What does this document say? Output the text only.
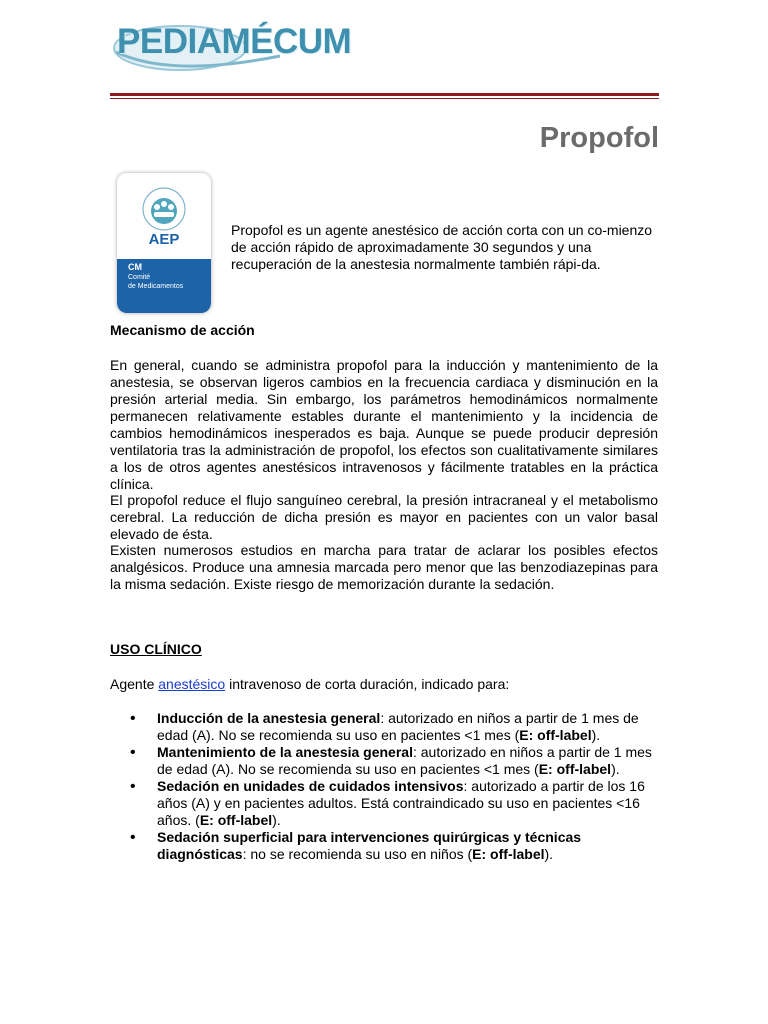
PEDIAMÉCUM
Propofol
AEP
CM
Comité
de Medicamentos
Propofol es un agente anestésico de acción corta con un co-mienzo de acción rápido de aproximadamente 30 segundos y una recuperación de la anestesia normalmente también rápi-da.
Mecanismo de acción
En general, cuando se administra propofol para la inducción y mantenimiento de la anestesia, se observan ligeros cambios en la frecuencia cardiaca y disminución en la presión arterial media. Sin embargo, los parámetros hemodinámicos normalmente permanecen relativamente estables durante el mantenimiento y la incidencia de cambios hemodinámicos inesperados es baja. Aunque se puede producir depresión ventilatoria tras la administración de propofol, los efectos son cualitativamente similares a los de otros agentes anestésicos intravenosos y fácilmente tratables en la práctica clínica.
El propofol reduce el flujo sanguíneo cerebral, la presión intracraneal y el metabolismo cerebral. La reducción de dicha presión es mayor en pacientes con un valor basal elevado de ésta.
Existen numerosos estudios en marcha para tratar de aclarar los posibles efectos analgésicos. Produce una amnesia marcada pero menor que las benzodiazepinas para la misma sedación. Existe riesgo de memorización durante la sedación.
USO CLÍNICO
Agente anestésico intravenoso de corta duración, indicado para:
• Inducción de la anestesia general: autorizado en niños a partir de 1 mes de edad (A). No se recomienda su uso en pacientes <1 mes (E: off-label).
• Mantenimiento de la anestesia general: autorizado en niños a partir de 1 mes de edad (A). No se recomienda su uso en pacientes <1 mes (E: off-label).
• Sedación en unidades de cuidados intensivos: autorizado a partir de los 16 años (A) y en pacientes adultos. Está contraindicado su uso en pacientes <16 años. (E: off-label).
• Sedación superficial para intervenciones quirúrgicas y técnicas diagnósticas: no se recomienda su uso en niños (E: off-label).
